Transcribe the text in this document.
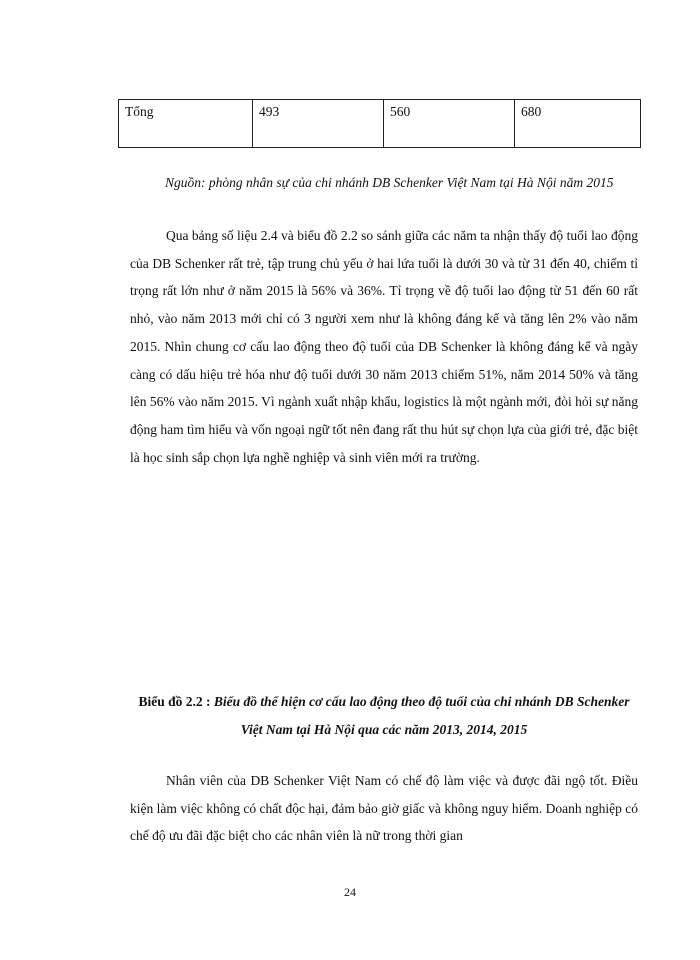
Tổng	493	560	680
Nguồn: phòng nhân sự của chi nhánh DB Schenker Việt Nam tại Hà Nội năm 2015

Qua bảng số liệu 2.4 và biểu đồ 2.2 so sánh giữa các năm ta nhận thấy độ tuổi lao động của DB Schenker rất trẻ, tập trung chủ yếu ở hai lứa tuổi là dưới 30 và từ 31 đến 40, chiếm tỉ trọng rất lớn như ở năm 2015 là 56% và 36%. Tỉ trọng về độ tuổi lao động từ 51 đến 60 rất nhỏ, vào năm 2013 mới chỉ có 3 người xem như là không đáng kể và tăng lên 2% vào năm 2015. Nhìn chung cơ cấu lao động theo độ tuổi của DB Schenker là không đáng kể và ngày càng có dấu hiệu trẻ hóa như độ tuổi dưới 30 năm 2013 chiếm 51%, năm 2014 50% và tăng lên 56% vào năm 2015. Vì ngành xuất nhập khẩu, logistics là một ngành mới, đòi hỏi sự năng động ham tìm hiểu và vốn ngoại ngữ tốt nên đang rất thu hút sự chọn lựa của giới trẻ, đặc biệt là học sinh sắp chọn lựa nghề nghiệp và sinh viên mới ra trường.

Biểu đồ 2.2 : Biểu đồ thể hiện cơ cấu lao động theo độ tuổi của chi nhánh DB Schenker Việt Nam tại Hà Nội qua các năm 2013, 2014, 2015

Nhân viên của DB Schenker Việt Nam có chế độ làm việc và được đãi ngộ tốt. Điều kiện làm việc không có chất độc hại, đảm bảo giờ giấc và không nguy hiểm. Doanh nghiệp có chế độ ưu đãi đặc biệt cho các nhân viên là nữ trong thời gian

24
